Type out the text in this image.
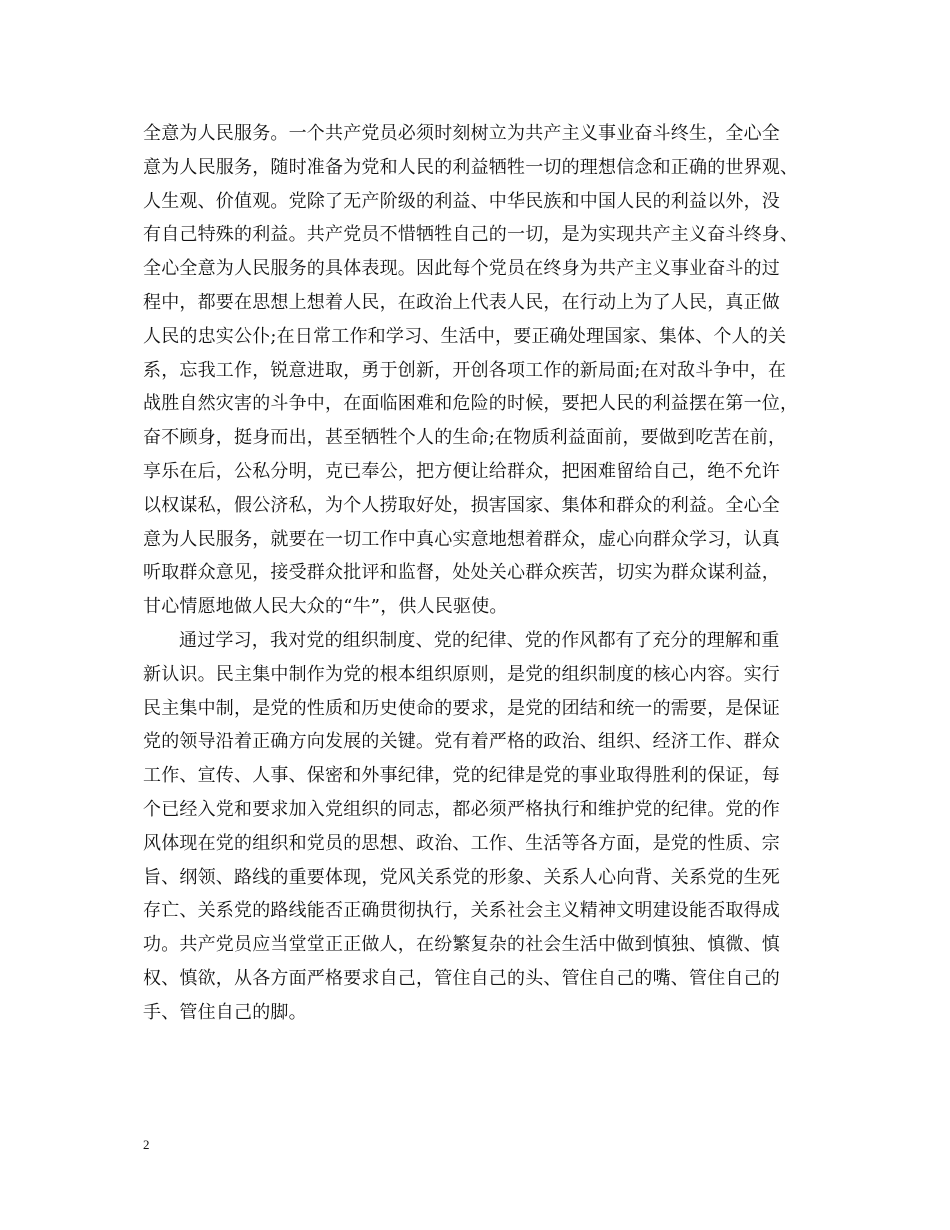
全意为人民服务。一个共产党员必须时刻树立为共产主义事业奋斗终生，全心全
意为人民服务，随时准备为党和人民的利益牺牲一切的理想信念和正确的世界观、
人生观、价值观。党除了无产阶级的利益、中华民族和中国人民的利益以外，没
有自己特殊的利益。共产党员不惜牺牲自己的一切，是为实现共产主义奋斗终身、
全心全意为人民服务的具体表现。因此每个党员在终身为共产主义事业奋斗的过
程中，都要在思想上想着人民，在政治上代表人民，在行动上为了人民，真正做
人民的忠实公仆;在日常工作和学习、生活中，要正确处理国家、集体、个人的关
系，忘我工作，锐意进取，勇于创新，开创各项工作的新局面;在对敌斗争中，在
战胜自然灾害的斗争中，在面临困难和危险的时候，要把人民的利益摆在第一位，
奋不顾身，挺身而出，甚至牺牲个人的生命;在物质利益面前，要做到吃苦在前，
享乐在后，公私分明，克已奉公，把方便让给群众，把困难留给自己，绝不允许
以权谋私，假公济私，为个人捞取好处，损害国家、集体和群众的利益。全心全
意为人民服务，就要在一切工作中真心实意地想着群众，虚心向群众学习，认真
听取群众意见，接受群众批评和监督，处处关心群众疾苦，切实为群众谋利益，
甘心情愿地做人民大众的“牛”，供人民驱使。
通过学习，我对党的组织制度、党的纪律、党的作风都有了充分的理解和重
新认识。民主集中制作为党的根本组织原则，是党的组织制度的核心内容。实行
民主集中制，是党的性质和历史使命的要求，是党的团结和统一的需要，是保证
党的领导沿着正确方向发展的关键。党有着严格的政治、组织、经济工作、群众
工作、宣传、人事、保密和外事纪律，党的纪律是党的事业取得胜利的保证，每
个已经入党和要求加入党组织的同志，都必须严格执行和维护党的纪律。党的作
风体现在党的组织和党员的思想、政治、工作、生活等各方面，是党的性质、宗
旨、纲领、路线的重要体现，党风关系党的形象、关系人心向背、关系党的生死
存亡、关系党的路线能否正确贯彻执行，关系社会主义精神文明建设能否取得成
功。共产党员应当堂堂正正做人，在纷繁复杂的社会生活中做到慎独、慎微、慎
权、慎欲，从各方面严格要求自己，管住自己的头、管住自己的嘴、管住自己的
手、管住自己的脚。
2
